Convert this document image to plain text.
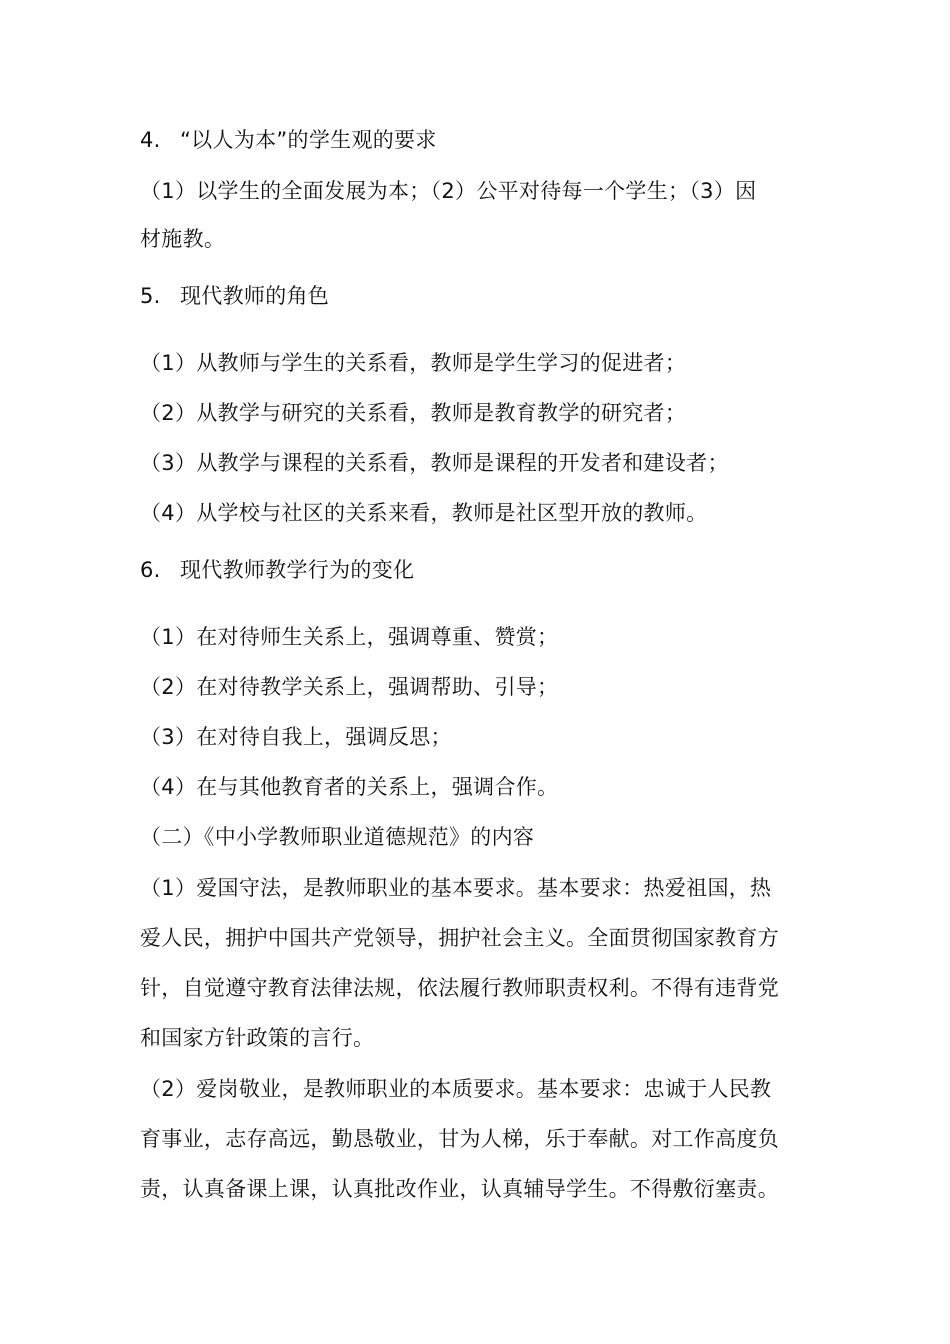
4. “以人为本”的学生观的要求
（1）以学生的全面发展为本；（2）公平对待每一个学生；（3）因
材施教。
5. 现代教师的角色
（1）从教师与学生的关系看，教师是学生学习的促进者；
（2）从教学与研究的关系看，教师是教育教学的研究者；
（3）从教学与课程的关系看，教师是课程的开发者和建设者；
（4）从学校与社区的关系来看，教师是社区型开放的教师。
6. 现代教师教学行为的变化
（1）在对待师生关系上，强调尊重、赞赏；
（2）在对待教学关系上，强调帮助、引导；
（3）在对待自我上，强调反思；
（4）在与其他教育者的关系上，强调合作。
（二）《中小学教师职业道德规范》的内容
（1）爱国守法，是教师职业的基本要求。基本要求：热爱祖国，热
爱人民，拥护中国共产党领导，拥护社会主义。全面贯彻国家教育方
针，自觉遵守教育法律法规，依法履行教师职责权利。不得有违背党
和国家方针政策的言行。
（2）爱岗敬业，是教师职业的本质要求。基本要求：忠诚于人民教
育事业，志存高远，勤恳敬业，甘为人梯，乐于奉献。对工作高度负
责，认真备课上课，认真批改作业，认真辅导学生。不得敷衍塞责。
